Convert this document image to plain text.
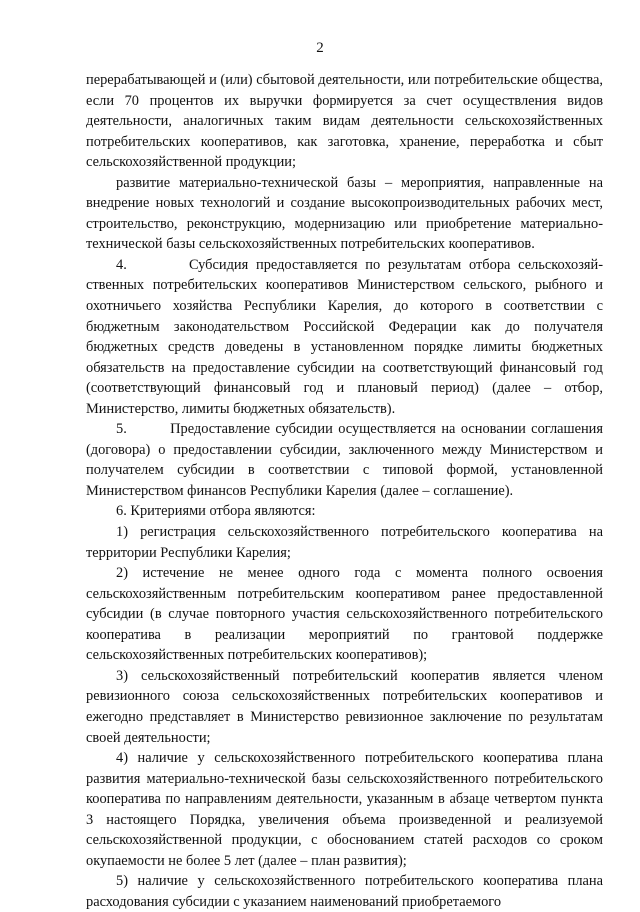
2

перерабатывающей и (или) сбытовой деятельности, или потребительские общества, если 70 процентов их выручки формируется за счет осуществления видов деятельности, аналогичных таким видам деятельности сельскохозяйственных потребительских кооперативов, как заготовка, хранение, переработка и сбыт сельскохозяйственной продукции;

развитие материально-технической базы – мероприятия, направленные на внедрение новых технологий и создание высокопроизводительных рабочих мест, строительство, реконструкцию, модернизацию или приобретение материально-технической базы сельскохозяйственных потребительских кооперативов.

4.        Субсидия предоставляется по результатам отбора сельскохозяй-ственных потребительских кооперативов Министерством сельского, рыбного и охотничьего хозяйства Республики Карелия, до которого в соответствии с бюджетным законодательством Российской Федерации как до получателя бюджетных средств доведены в установленном порядке лимиты бюджетных обязательств на предоставление субсидии на соответствующий финансовый год (соответствующий финансовый год и плановый период) (далее – отбор, Министерство, лимиты бюджетных обязательств).

5.        Предоставление субсидии осуществляется на основании соглашения (договора) о предоставлении субсидии, заключенного между Министерством и получателем субсидии в соответствии с типовой формой, установленной Министерством финансов Республики Карелия (далее – соглашение).

6. Критериями отбора являются:

1) регистрация сельскохозяйственного потребительского кооператива на территории Республики Карелия;

2) истечение не менее одного года с момента полного освоения сельскохозяйственным потребительским кооперативом ранее предоставленной субсидии (в случае повторного участия сельскохозяйственного потребительского кооператива в реализации мероприятий по грантовой поддержке сельскохозяйственных потребительских кооперативов);

3) сельскохозяйственный потребительский кооператив является членом ревизионного союза сельскохозяйственных потребительских кооперативов и ежегодно представляет в Министерство ревизионное заключение по результатам своей деятельности;

4) наличие у сельскохозяйственного потребительского кооператива плана развития материально-технической базы сельскохозяйственного потребительского кооператива по направлениям деятельности, указанным в абзаце четвертом пункта 3 настоящего Порядка, увеличения объема произведенной и реализуемой сельскохозяйственной продукции, с обоснованием статей расходов со сроком окупаемости не более 5 лет (далее – план развития);

5) наличие у сельскохозяйственного потребительского кооператива плана расходования субсидии с указанием наименований приобретаемого
